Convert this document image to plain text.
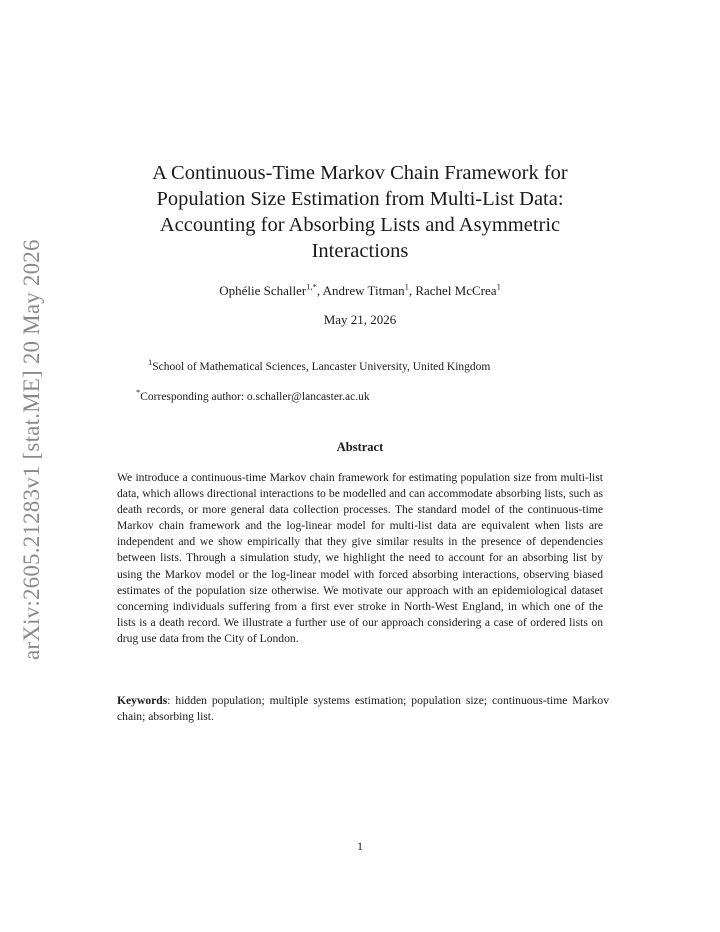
arXiv:2605.21283v1 [stat.ME] 20 May 2026
A Continuous-Time Markov Chain Framework for
Population Size Estimation from Multi-List Data:
Accounting for Absorbing Lists and Asymmetric
Interactions
Ophélie Schaller$^{1,*}$, Andrew Titman$^1$, Rachel McCrea$^1$
May 21, 2026
$^1$School of Mathematical Sciences, Lancaster University, United Kingdom
*Corresponding author: o.schaller@lancaster.ac.uk
Abstract
We introduce a continuous-time Markov chain framework for estimating population size from multi-list data, which allows directional interactions to be modelled and can accommodate absorbing lists, such as death records, or more general data collection processes. The standard model of the continuous-time Markov chain framework and the log-linear model for multi-list data are equivalent when lists are independent and we show empirically that they give similar results in the presence of dependencies between lists. Through a simulation study, we highlight the need to account for an absorbing list by using the Markov model or the log-linear model with forced absorbing interactions, observing biased estimates of the population size otherwise. We motivate our approach with an epidemiological dataset concerning individuals suffering from a first ever stroke in North-West England, in which one of the lists is a death record. We illustrate a further use of our approach considering a case of ordered lists on drug use data from the City of London.
Keywords: hidden population; multiple systems estimation; population size; continuous-time Markov chain; absorbing list.
1
